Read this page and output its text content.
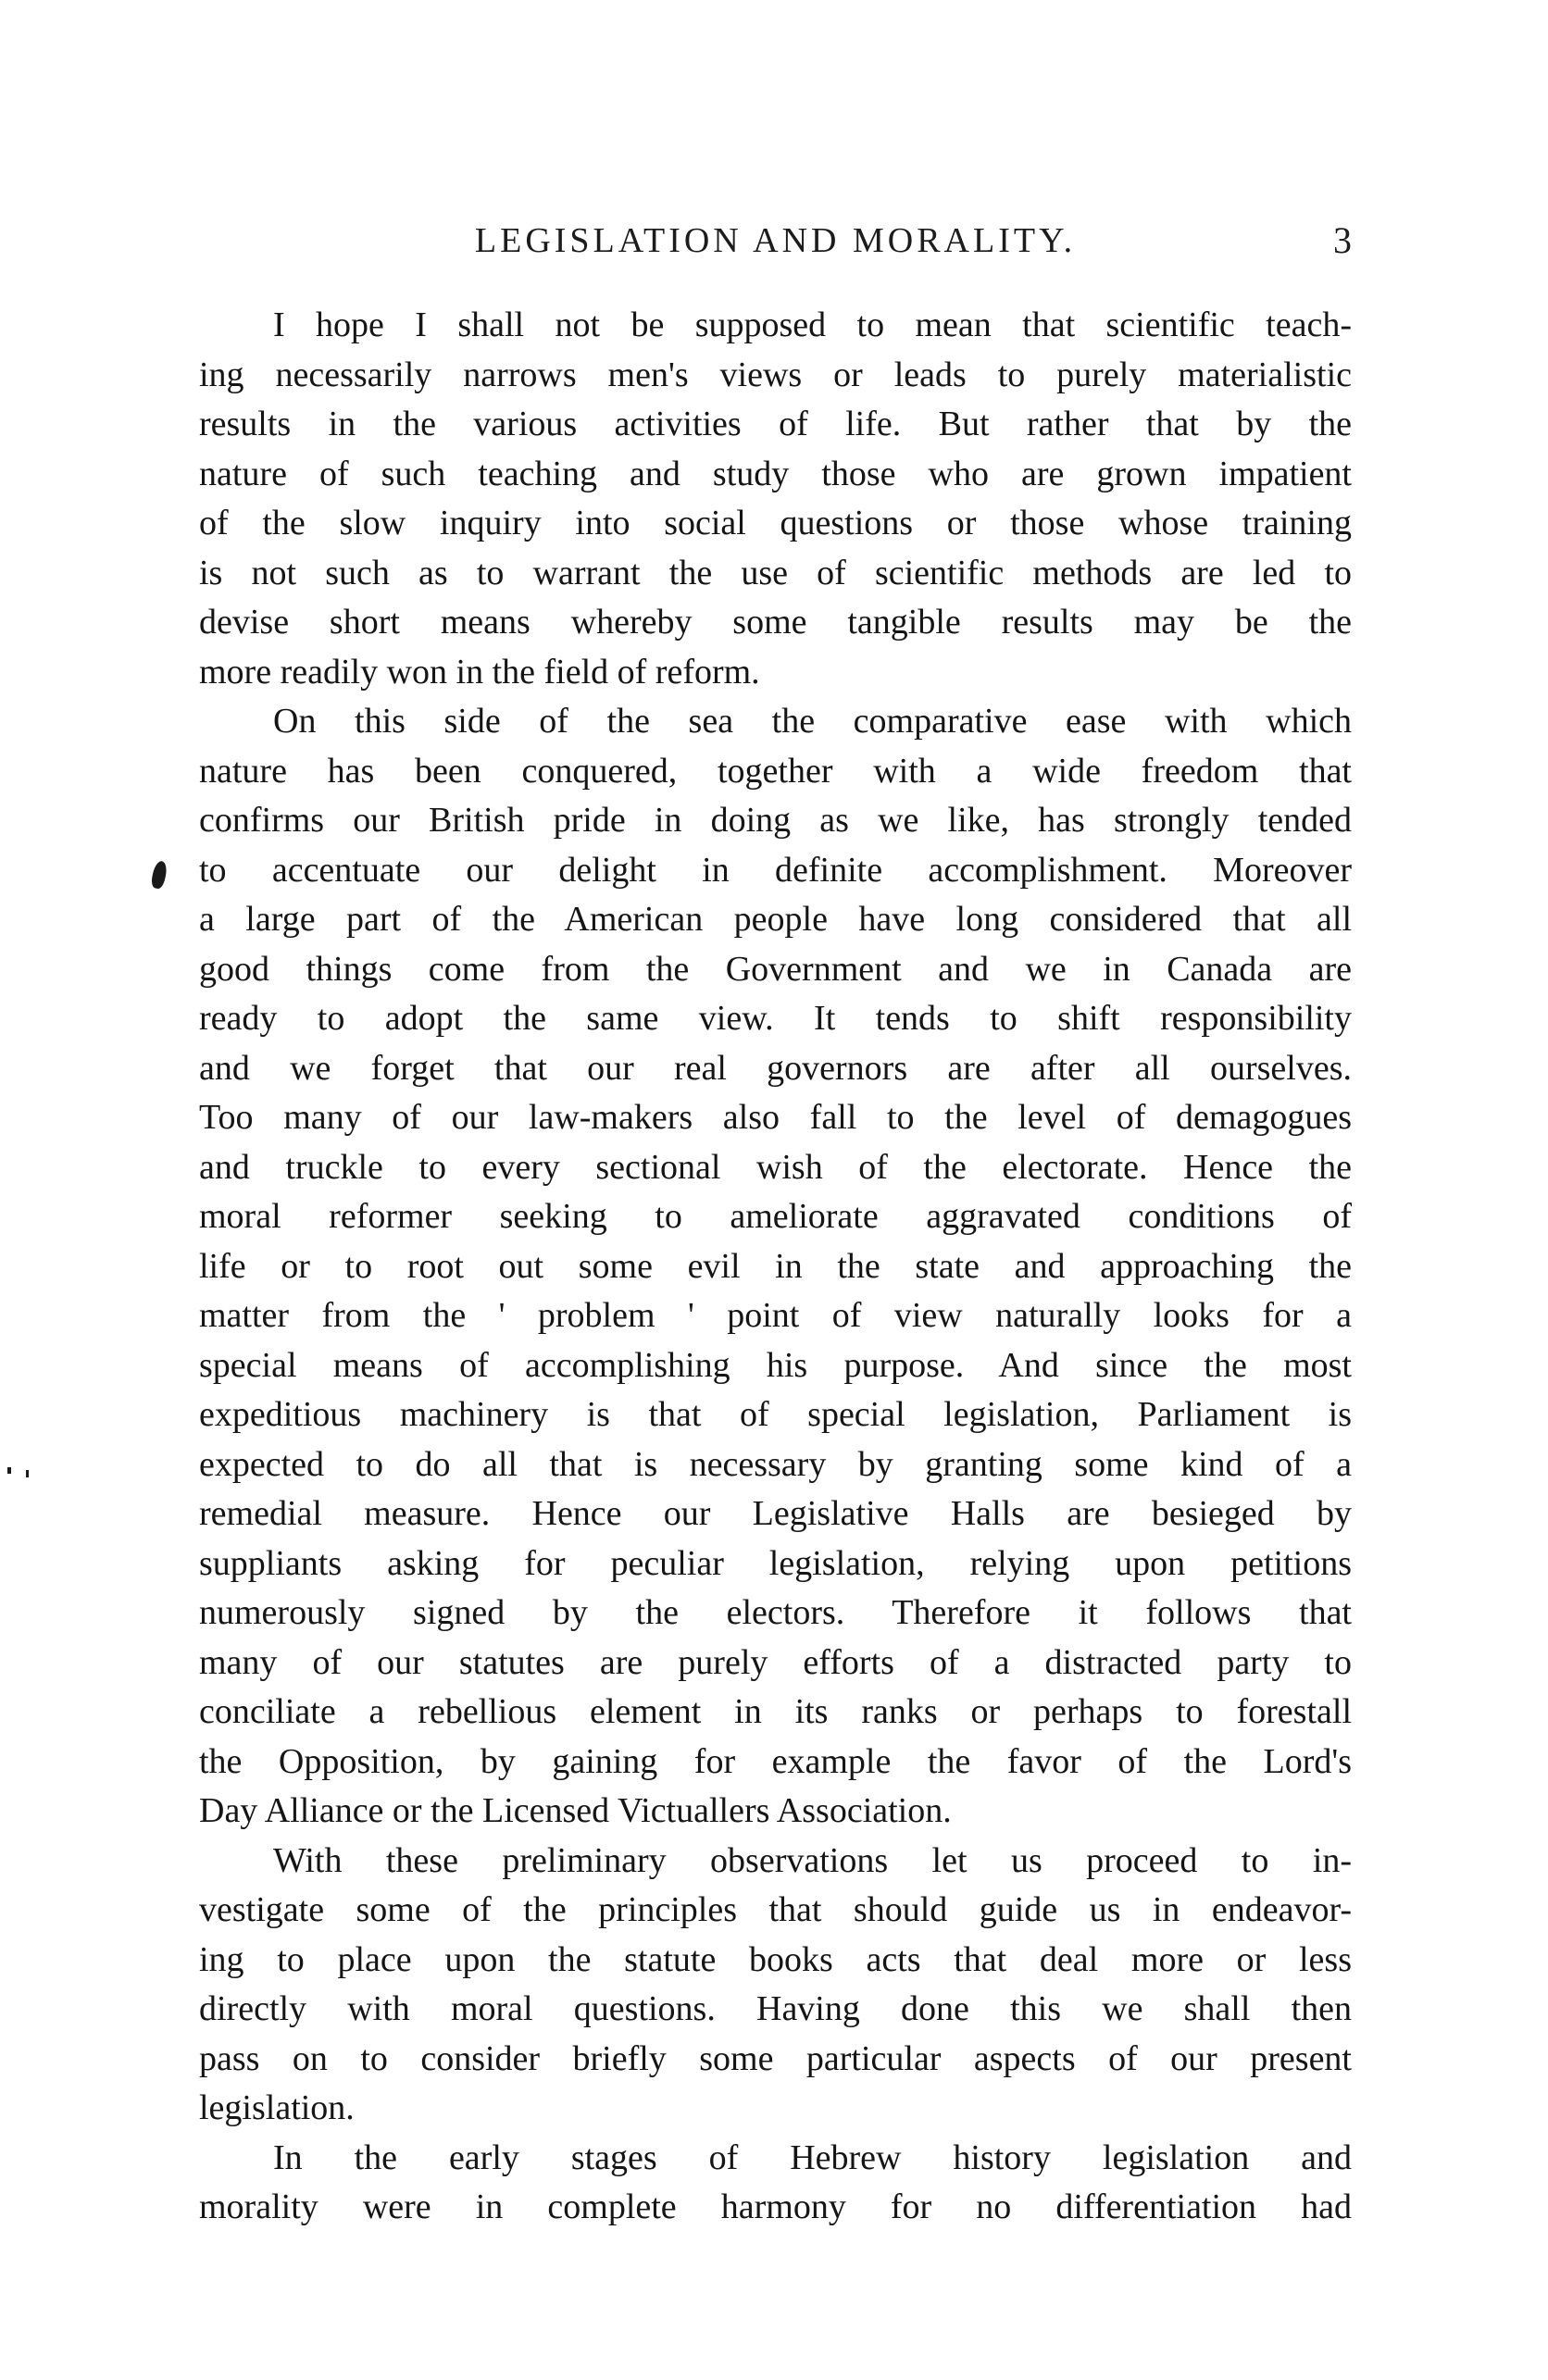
LEGISLATION AND MORALITY.	3
I hope I shall not be supposed to mean that scientific teach-
ing necessarily narrows men's views or leads to purely materialistic
results in the various activities of life. But rather that by the
nature of such teaching and study those who are grown impatient
of the slow inquiry into social questions or those whose training
is not such as to warrant the use of scientific methods are led to
devise short means whereby some tangible results may be the
more readily won in the field of reform.
On this side of the sea the comparative ease with which
nature has been conquered, together with a wide freedom that
confirms our British pride in doing as we like, has strongly tended
to accentuate our delight in definite accomplishment. Moreover
a large part of the American people have long considered that all
good things come from the Government and we in Canada are
ready to adopt the same view. It tends to shift responsibility
and we forget that our real governors are after all ourselves.
Too many of our law-makers also fall to the level of demagogues
and truckle to every sectional wish of the electorate. Hence the
moral reformer seeking to ameliorate aggravated conditions of
life or to root out some evil in the state and approaching the
matter from the ' problem ' point of view naturally looks for a
special means of accomplishing his purpose. And since the most
expeditious machinery is that of special legislation, Parliament is
expected to do all that is necessary by granting some kind of a
remedial measure. Hence our Legislative Halls are besieged by
suppliants asking for peculiar legislation, relying upon petitions
numerously signed by the electors. Therefore it follows that
many of our statutes are purely efforts of a distracted party to
conciliate a rebellious element in its ranks or perhaps to forestall
the Opposition, by gaining for example the favor of the Lord's
Day Alliance or the Licensed Victuallers Association.
With these preliminary observations let us proceed to in-
vestigate some of the principles that should guide us in endeavor-
ing to place upon the statute books acts that deal more or less
directly with moral questions. Having done this we shall then
pass on to consider briefly some particular aspects of our present
legislation.
In the early stages of Hebrew history legislation and
morality were in complete harmony for no differentiation had
